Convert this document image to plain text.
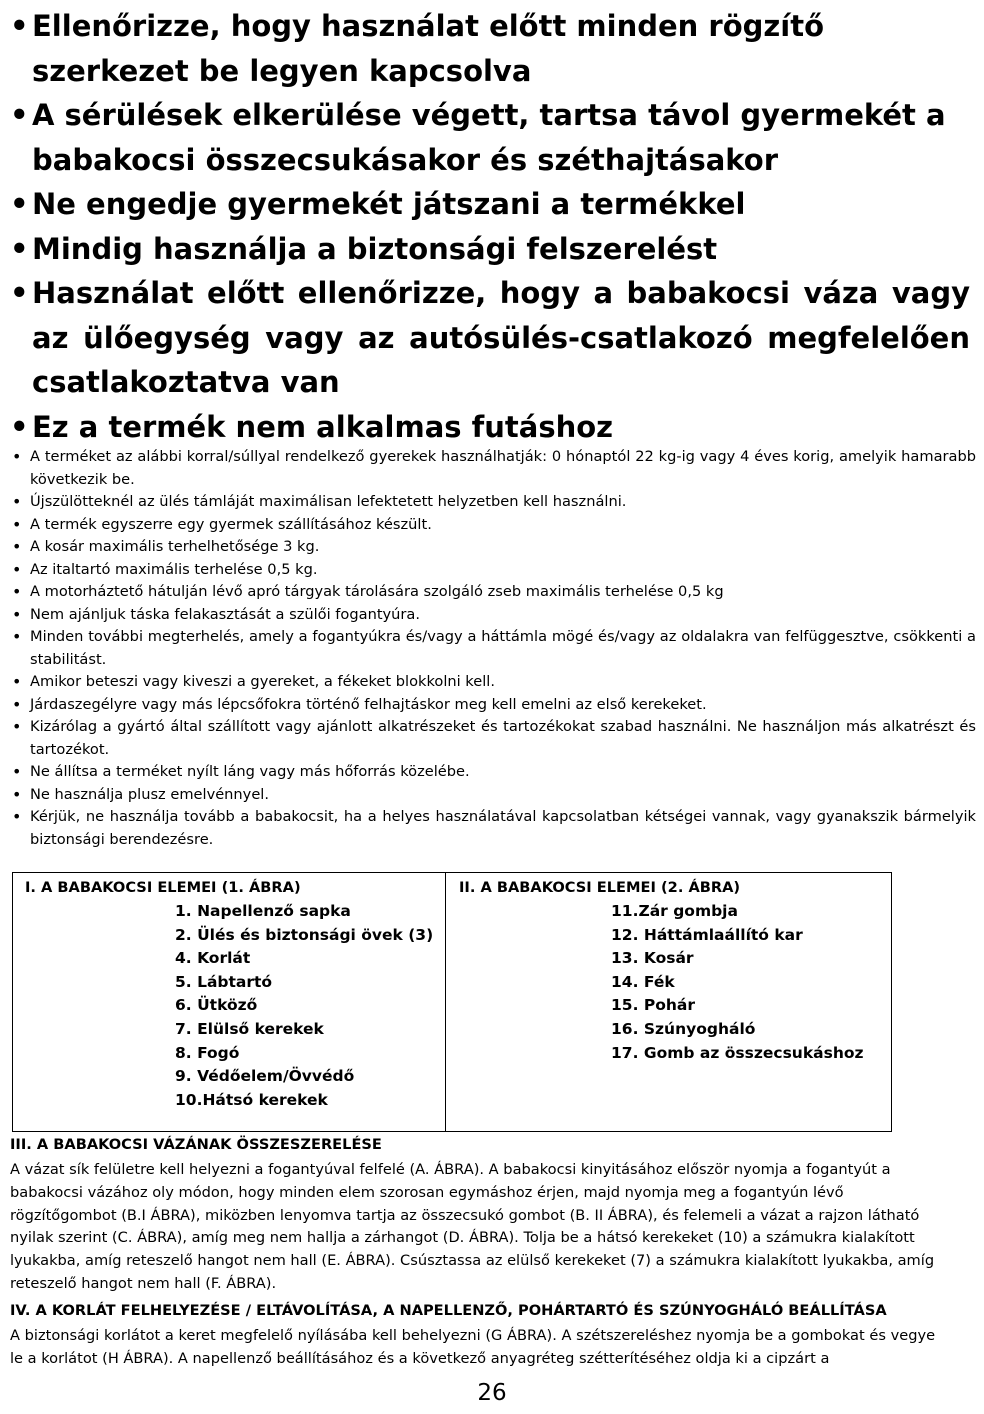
• Ellenőrizze, hogy használat előtt minden rögzítő szerkezet be legyen kapcsolva
• A sérülések elkerülése végett, tartsa távol gyermekét a babakocsi összecsukásakor és széthajtásakor
• Ne engedje gyermekét játszani a termékkel
• Mindig használja a biztonsági felszerelést
• Használat előtt ellenőrizze, hogy a babakocsi váza vagy az ülőegység vagy az autósülés-csatlakozó megfelelően csatlakoztatva van
• Ez a termék nem alkalmas futáshoz
• A terméket az alábbi korral/súllyal rendelkező gyerekek használhatják: 0 hónaptól 22 kg-ig vagy 4 éves korig, amelyik hamarabb következik be.
• Újszülötteknél az ülés támláját maximálisan lefektetett helyzetben kell használni.
• A termék egyszerre egy gyermek szállításához készült.
• A kosár maximális terhelhetősége 3 kg.
• Az italtartó maximális terhelése 0,5 kg.
• A motorháztető hátulján lévő apró tárgyak tárolására szolgáló zseb maximális terhelése 0,5 kg
• Nem ajánljuk táska felakasztását a szülői fogantyúra.
• Minden további megterhelés, amely a fogantyúkra és/vagy a háttámla mögé és/vagy az oldalakra van felfüggesztve, csökkenti a stabilitást.
• Amikor beteszi vagy kiveszi a gyereket, a fékeket blokkolni kell.
• Járdaszegélyre vagy más lépcsőfokra történő felhajtáskor meg kell emelni az első kerekeket.
• Kizárólag a gyártó által szállított vagy ajánlott alkatrészeket és tartozékokat szabad használni. Ne használjon más alkatrészt és tartozékot.
• Ne állítsa a terméket nyílt láng vagy más hőforrás közelébe.
• Ne használja plusz emelvénnyel.
• Kérjük, ne használja tovább a babakocsit, ha a helyes használatával kapcsolatban kétségei vannak, vagy gyanakszik bármelyik biztonsági berendezésre.
I. A BABAKOCSI ELEMEI (1. ÁBRA)
1. Napellenző sapka
2. Ülés és biztonsági övek (3)
4. Korlát
5. Lábtartó
6. Ütköző
7. Elülső kerekek
8. Fogó
9. Védőelem/Övvédő
10.Hátsó kerekek
II. A BABAKOCSI ELEMEI (2. ÁBRA)
11.Zár gombja
12. Háttámlaállító kar
13. Kosár
14. Fék
15. Pohár
16. Szúnyogháló
17. Gomb az összecsukáshoz
III. A BABAKOCSI VÁZÁNAK ÖSSZESZERELÉSE

A vázat sík felületre kell helyezni a fogantyúval felfelé (A. ÁBRA). A babakocsi kinyitásához először nyomja a fogantyút a babakocsi vázához oly módon, hogy minden elem szorosan egymáshoz érjen, majd nyomja meg a fogantyún lévő rögzítőgombot (B.I ÁBRA), miközben lenyomva tartja az összecsukó gombot (B. II ÁBRA), és felemeli a vázat a rajzon látható nyilak szerint (C. ÁBRA), amíg meg nem hallja a zárhangot (D. ÁBRA). Tolja be a hátsó kerekeket (10) a számukra kialakított lyukakba, amíg reteszelő hangot nem hall (E. ÁBRA). Csúsztassa az elülső kerekeket (7) a számukra kialakított lyukakba, amíg reteszelő hangot nem hall (F. ÁBRA).

IV. A KORLÁT FELHELYEZÉSE / ELTÁVOLÍTÁSA, A NAPELLENZŐ, POHÁRTARTÓ ÉS SZÚNYOGHÁLÓ BEÁLLÍTÁSA

A biztonsági korlátot a keret megfelelő nyílásába kell behelyezni (G ÁBRA). A szétszereléshez nyomja be a gombokat és vegye le a korlátot (H ÁBRA). A napellenző beállításához és a következő anyagréteg szétterítéséhez oldja ki a cipzárt a

26
